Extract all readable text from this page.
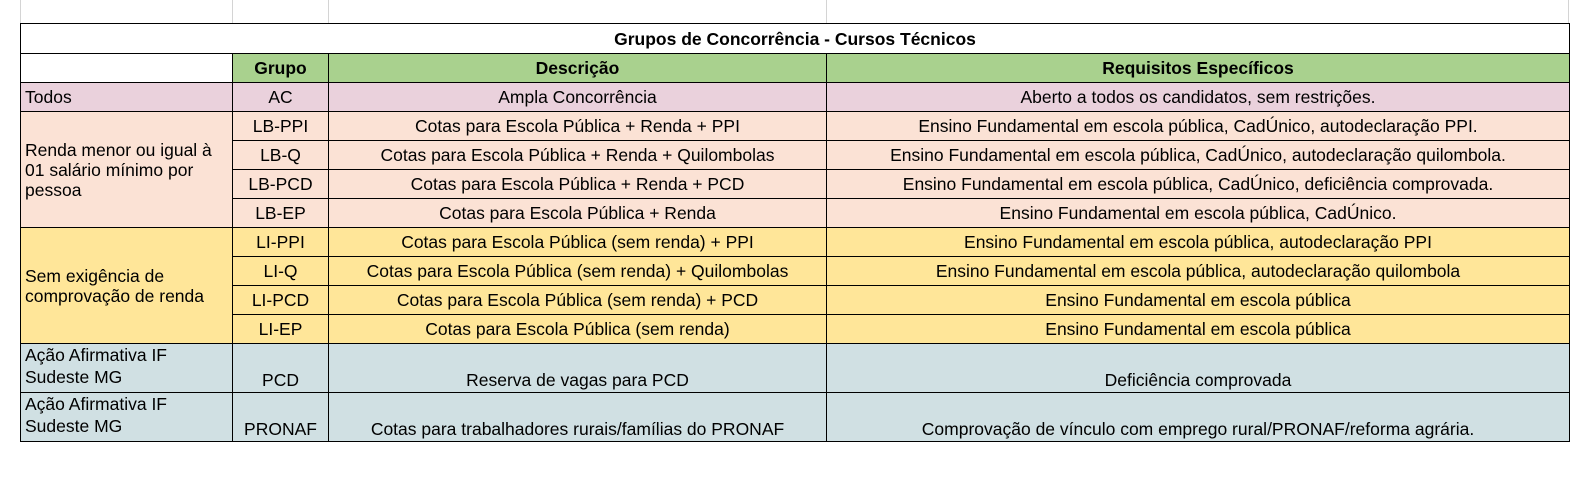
Grupos de Concorrência - Cursos Técnicos			
	Grupo	Descrição	Requisitos Específicos
Todos	AC	Ampla Concorrência	Aberto a todos os candidatos, sem restrições.
Renda menor ou igual à 01 salário mínimo por pessoa	LB-PPI	Cotas para Escola Pública + Renda + PPI	Ensino Fundamental em escola pública, CadÚnico, autodeclaração PPI.
	LB-Q	Cotas para Escola Pública + Renda + Quilombolas	Ensino Fundamental em escola pública, CadÚnico, autodeclaração quilombola.
	LB-PCD	Cotas para Escola Pública + Renda + PCD	Ensino Fundamental em escola pública, CadÚnico, deficiência comprovada.
	LB-EP	Cotas para Escola Pública + Renda	Ensino Fundamental em escola pública, CadÚnico.
Sem exigência de comprovação de renda	LI-PPI	Cotas para Escola Pública (sem renda) + PPI	Ensino Fundamental em escola pública, autodeclaração PPI
	LI-Q	Cotas para Escola Pública (sem renda) + Quilombolas	Ensino Fundamental em escola pública, autodeclaração quilombola
	LI-PCD	Cotas para Escola Pública (sem renda) + PCD	Ensino Fundamental em escola pública
	LI-EP	Cotas para Escola Pública (sem renda)	Ensino Fundamental em escola pública
Ação Afirmativa IF Sudeste MG	PCD	Reserva de vagas para PCD	Deficiência comprovada
Ação Afirmativa IF Sudeste MG	PRONAF	Cotas para trabalhadores rurais/famílias do PRONAF	Comprovação de vínculo com emprego rural/PRONAF/reforma agrária.
